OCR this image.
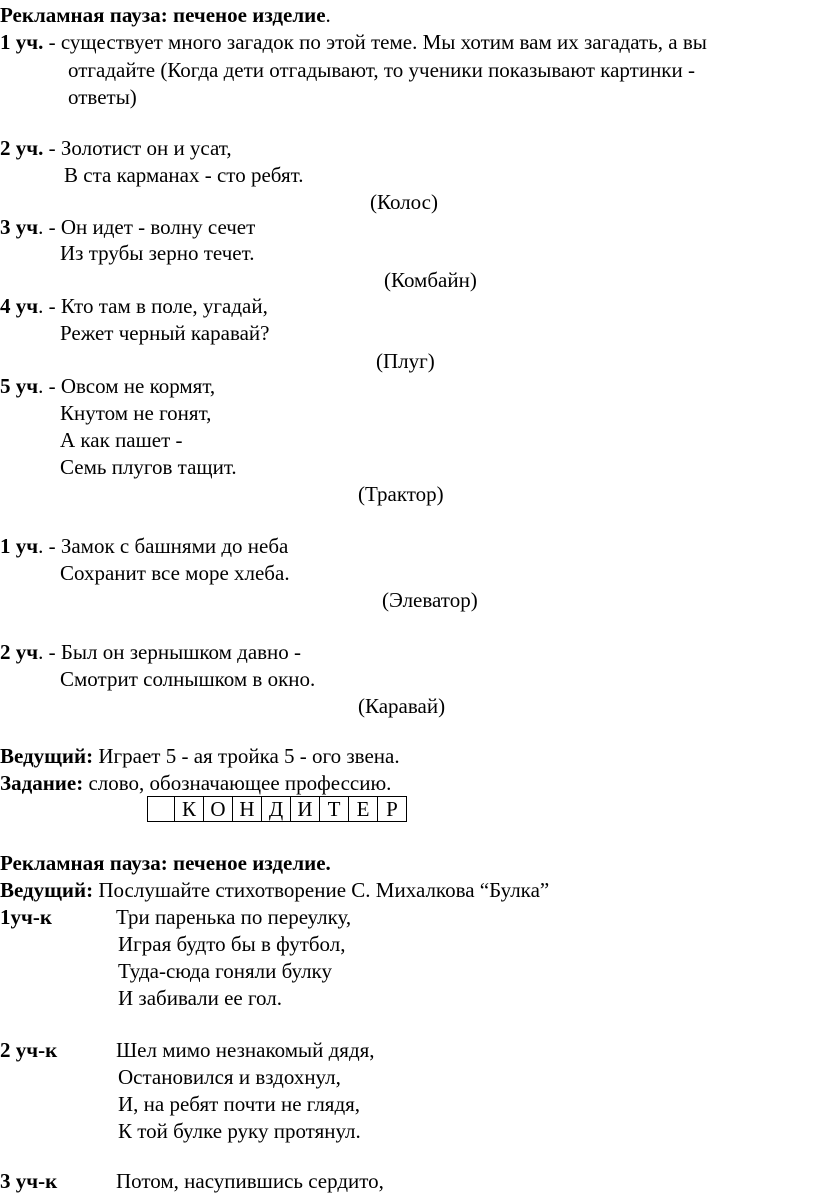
Рекламная пауза: печеное изделие.
1 уч. - существует много загадок по этой теме. Мы хотим вам их загадать, а вы
отгадайте (Когда дети отгадывают, то ученики показывают картинки -
ответы)
2 уч. - Золотист он и усат,
В ста карманах - сто ребят.
(Колос)
3 уч. - Он идет - волну сечет
Из трубы зерно течет.
(Комбайн)
4 уч. - Кто там в поле, угадай,
Режет черный каравай?
(Плуг)
5 уч. - Овсом не кормят,
Кнутом не гонят,
А как пашет -
Семь плугов тащит.
(Трактор)
1 уч. - Замок с башнями до неба
Сохранит все море хлеба.
(Элеватор)
2 уч. - Был он зернышком давно -
Смотрит солнышком в окно.
(Каравай)
Ведущий: Играет 5 - ая тройка 5 - ого звена.
Задание: слово, обозначающее профессию.
	К	О	Н	Д	И	Т	Е	Р
Рекламная пауза: печеное изделие.
Ведущий: Послушайте стихотворение С. Михалкова “Булка”
1уч-к	Три паренька по переулку,
Играя будто бы в футбол,
Туда-сюда гоняли булку
И забивали ее гол.
2 уч-к	Шел мимо незнакомый дядя,
Остановился и вздохнул,
И, на ребят почти не глядя,
К той булке руку протянул.
3 уч-к	Потом, насупившись сердито,
